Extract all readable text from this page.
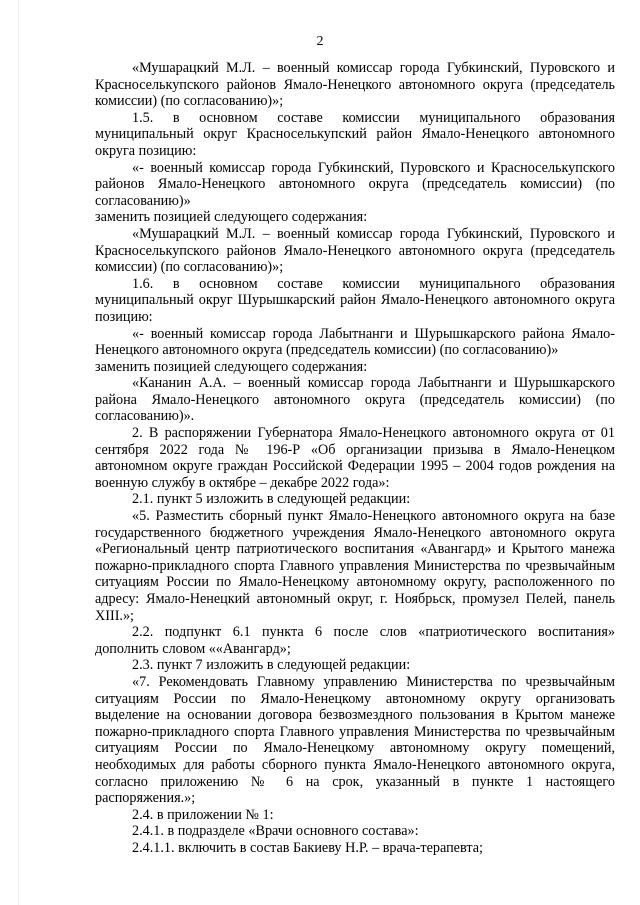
2

«Мушарацкий М.Л. – военный комиссар города Губкинский, Пуровского и Красноселькупского районов Ямало-Ненецкого автономного округа (председатель комиссии) (по согласованию)»;

1.5. в основном составе комиссии муниципального образования муниципальный округ Красноселькупский район Ямало-Ненецкого автономного округа позицию:

«- военный комиссар города Губкинский, Пуровского и Красноселькупского районов Ямало-Ненецкого автономного округа (председатель комиссии) (по согласованию)»

заменить позицией следующего содержания:

«Мушарацкий М.Л. – военный комиссар города Губкинский, Пуровского и Красноселькупского районов Ямало-Ненецкого автономного округа (председатель комиссии) (по согласованию)»;

1.6. в основном составе комиссии муниципального образования муниципальный округ Шурышкарский район Ямало-Ненецкого автономного округа позицию:

«- военный комиссар города Лабытнанги и Шурышкарского района Ямало-Ненецкого автономного округа (председатель комиссии) (по согласованию)»

заменить позицией следующего содержания:

«Кананин А.А. – военный комиссар города Лабытнанги и Шурышкарского района Ямало-Ненецкого автономного округа (председатель комиссии) (по согласованию)».

2. В распоряжении Губернатора Ямало-Ненецкого автономного округа от 01 сентября 2022 года № 196-Р «Об организации призыва в Ямало-Ненецком автономном округе граждан Российской Федерации 1995 – 2004 годов рождения на военную службу в октябре – декабре 2022 года»:

2.1. пункт 5 изложить в следующей редакции:

«5. Разместить сборный пункт Ямало-Ненецкого автономного округа на базе государственного бюджетного учреждения Ямало-Ненецкого автономного округа «Региональный центр патриотического воспитания «Авангард» и Крытого манежа пожарно-прикладного спорта Главного управления Министерства по чрезвычайным ситуациям России по Ямало-Ненецкому автономному округу, расположенного по адресу: Ямало-Ненецкий автономный округ, г. Ноябрьск, промузел Пелей, панель XIII.»;

2.2. подпункт 6.1 пункта 6 после слов «патриотического воспитания» дополнить словом ««Авангард»;

2.3. пункт 7 изложить в следующей редакции:

«7. Рекомендовать Главному управлению Министерства по чрезвычайным ситуациям России по Ямало-Ненецкому автономному округу организовать выделение на основании договора безвозмездного пользования в Крытом манеже пожарно-прикладного спорта Главного управления Министерства по чрезвычайным ситуациям России по Ямало-Ненецкому автономному округу помещений, необходимых для работы сборного пункта Ямало-Ненецкого автономного округа, согласно приложению № 6 на срок, указанный в пункте 1 настоящего распоряжения.»;

2.4. в приложении № 1:

2.4.1. в подразделе «Врачи основного состава»:

2.4.1.1. включить в состав Бакиеву Н.Р. – врача-терапевта;
